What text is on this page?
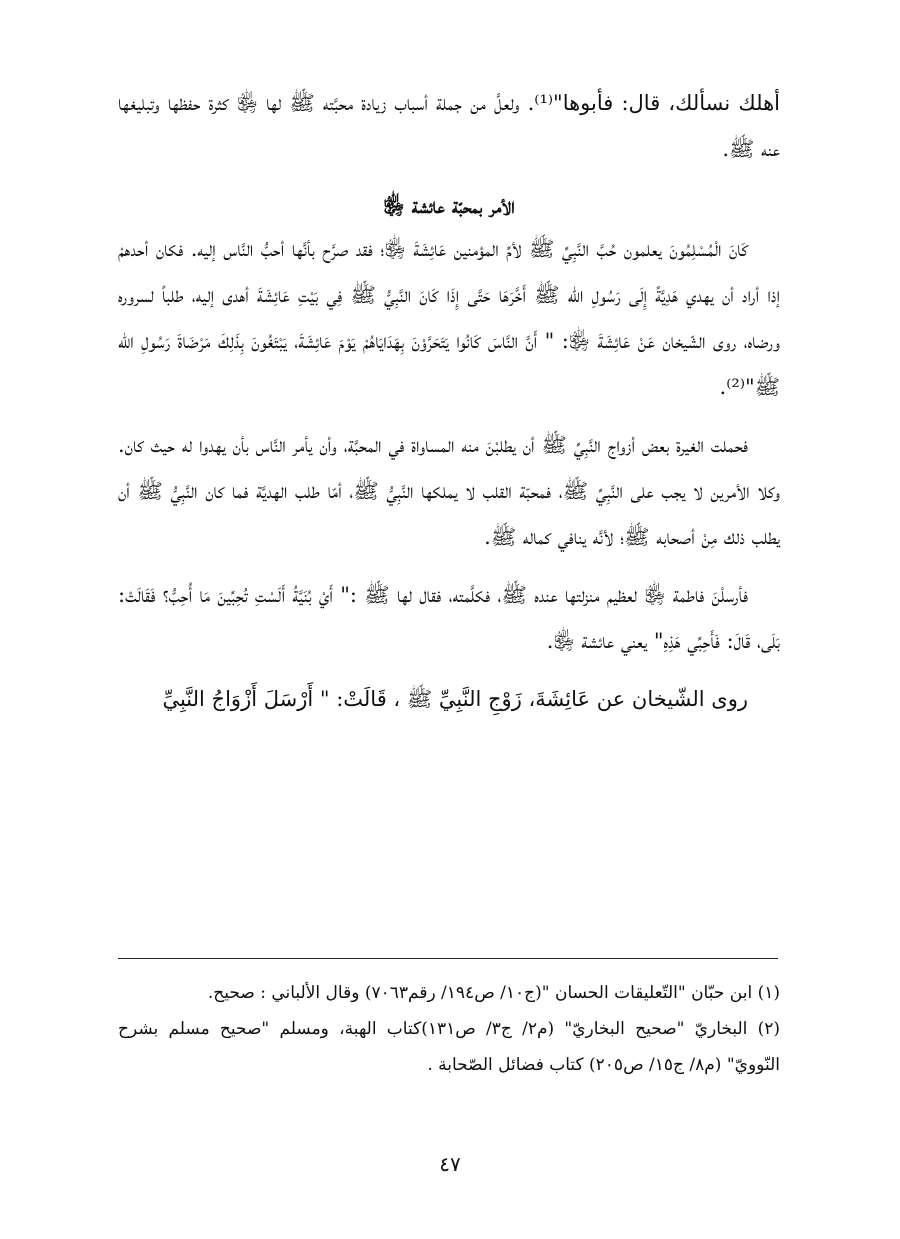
أهلك نسألك، قال: فأبوها"⁽¹⁾. ولعلَّ من جملة أسباب زيادة محبَّته ﷺ لها ﵂ كثرة حفظها وتبليغها عنه ﷺ.

الأمر بمحبّة عائشة ﵂

كَانَ الْمُسْلِمُونَ يعلمون حُبَّ النَّبِيِّ ﷺ لأمِّ المؤمنين عَائِشَةَ ﵂؛ فقد صرَّح بأنَّها أحبُّ النَّاس إليه. فكان أحدهمْ إذا أراد أن يهدي هَدِيَّةً إِلَى رَسُولِ الله ﷺ أَخَّرَهَا حَتَّى إِذَا كَانَ النَّبِيُّ ﷺ فِي بَيْتِ عَائِشَةَ أهدى إليه، طلباً لسروره ورضاه، روى الشّيخان عَنْ عَائِشَةَ ﵂: " أَنَّ النَّاسَ كَانُوا يَتَحَرَّوْنَ بِهَدَايَاهُمْ يَوْمَ عَائِشَةَ، يَبْتَغُونَ بِذَلِكَ مَرْضَاةَ رَسُولِ الله ﷺ"⁽²⁾.

فحملت الغيرة بعض أزواج النَّبِيِّ ﷺ أن يطلبْنَ منه المساواة في المحبَّة، وأن يأمر النَّاس بأن يهدوا له حيث كان. وكلا الأمرين لا يجب على النَّبِيِّ ﷺ، فمحبّة القلب لا يملكها النَّبِيُّ ﷺ، أمّا طلب الهديَّة فما كان النَّبِيُّ ﷺ أن يطلب ذلك مِنْ أصحابه ﷺ؛ لأنَّه ينافي كماله ﷺ.

فأرسلْنَ فاطمة ﵂ لعظيم منزلتها عنده ﷺ، فكلَّمته، فقال لها ﷺ :" أَيْ بُنَيَّةُ أَلَسْتِ تُحِبِّينَ مَا أُحِبُّ؟ فَقَالَتْ: بَلَى، قَالَ: فَأَحِبِّي هَذِهِ" يعني عائشة ﵂.

روى الشّيخان عن عَائِشَةَ، زَوْجِ النَّبِيِّ ﷺ ، قَالَتْ: " أَرْسَلَ أَزْوَاجُ النَّبِيِّ

(١) ابن حبّان "التّعليقات الحسان "(ج١٠/ ص١٩٤/ رقم٧٠٦٣) وقال الألباني : صحيح.

(٢) البخاريّ "صحيح البخاريّ" (م٢/ ج٣/ ص١٣١)كتاب الهبة، ومسلم "صحيح مسلم بشرح النّوويّ" (م٨/ ج١٥/ ص٢٠٥) كتاب فضائل الصّحابة .

٤٧
